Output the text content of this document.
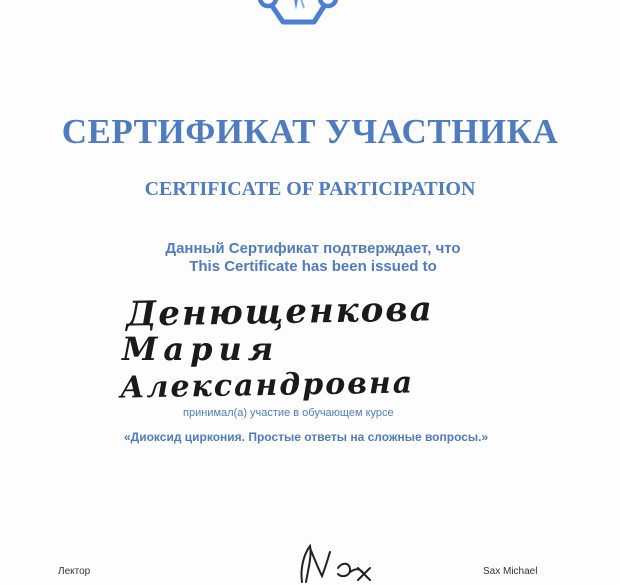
СЕРТИФИКАТ УЧАСТНИКА
CERTIFICATE OF PARTICIPATION
Данный Сертификат подтверждает, что
This Certificate has been issued to
Денющенкова
Мария
Александровна
принимал(а) участие в обучающем курсе
«Диоксид циркония. Простые ответы на сложные вопросы.»
Лектор	Sax Michael
